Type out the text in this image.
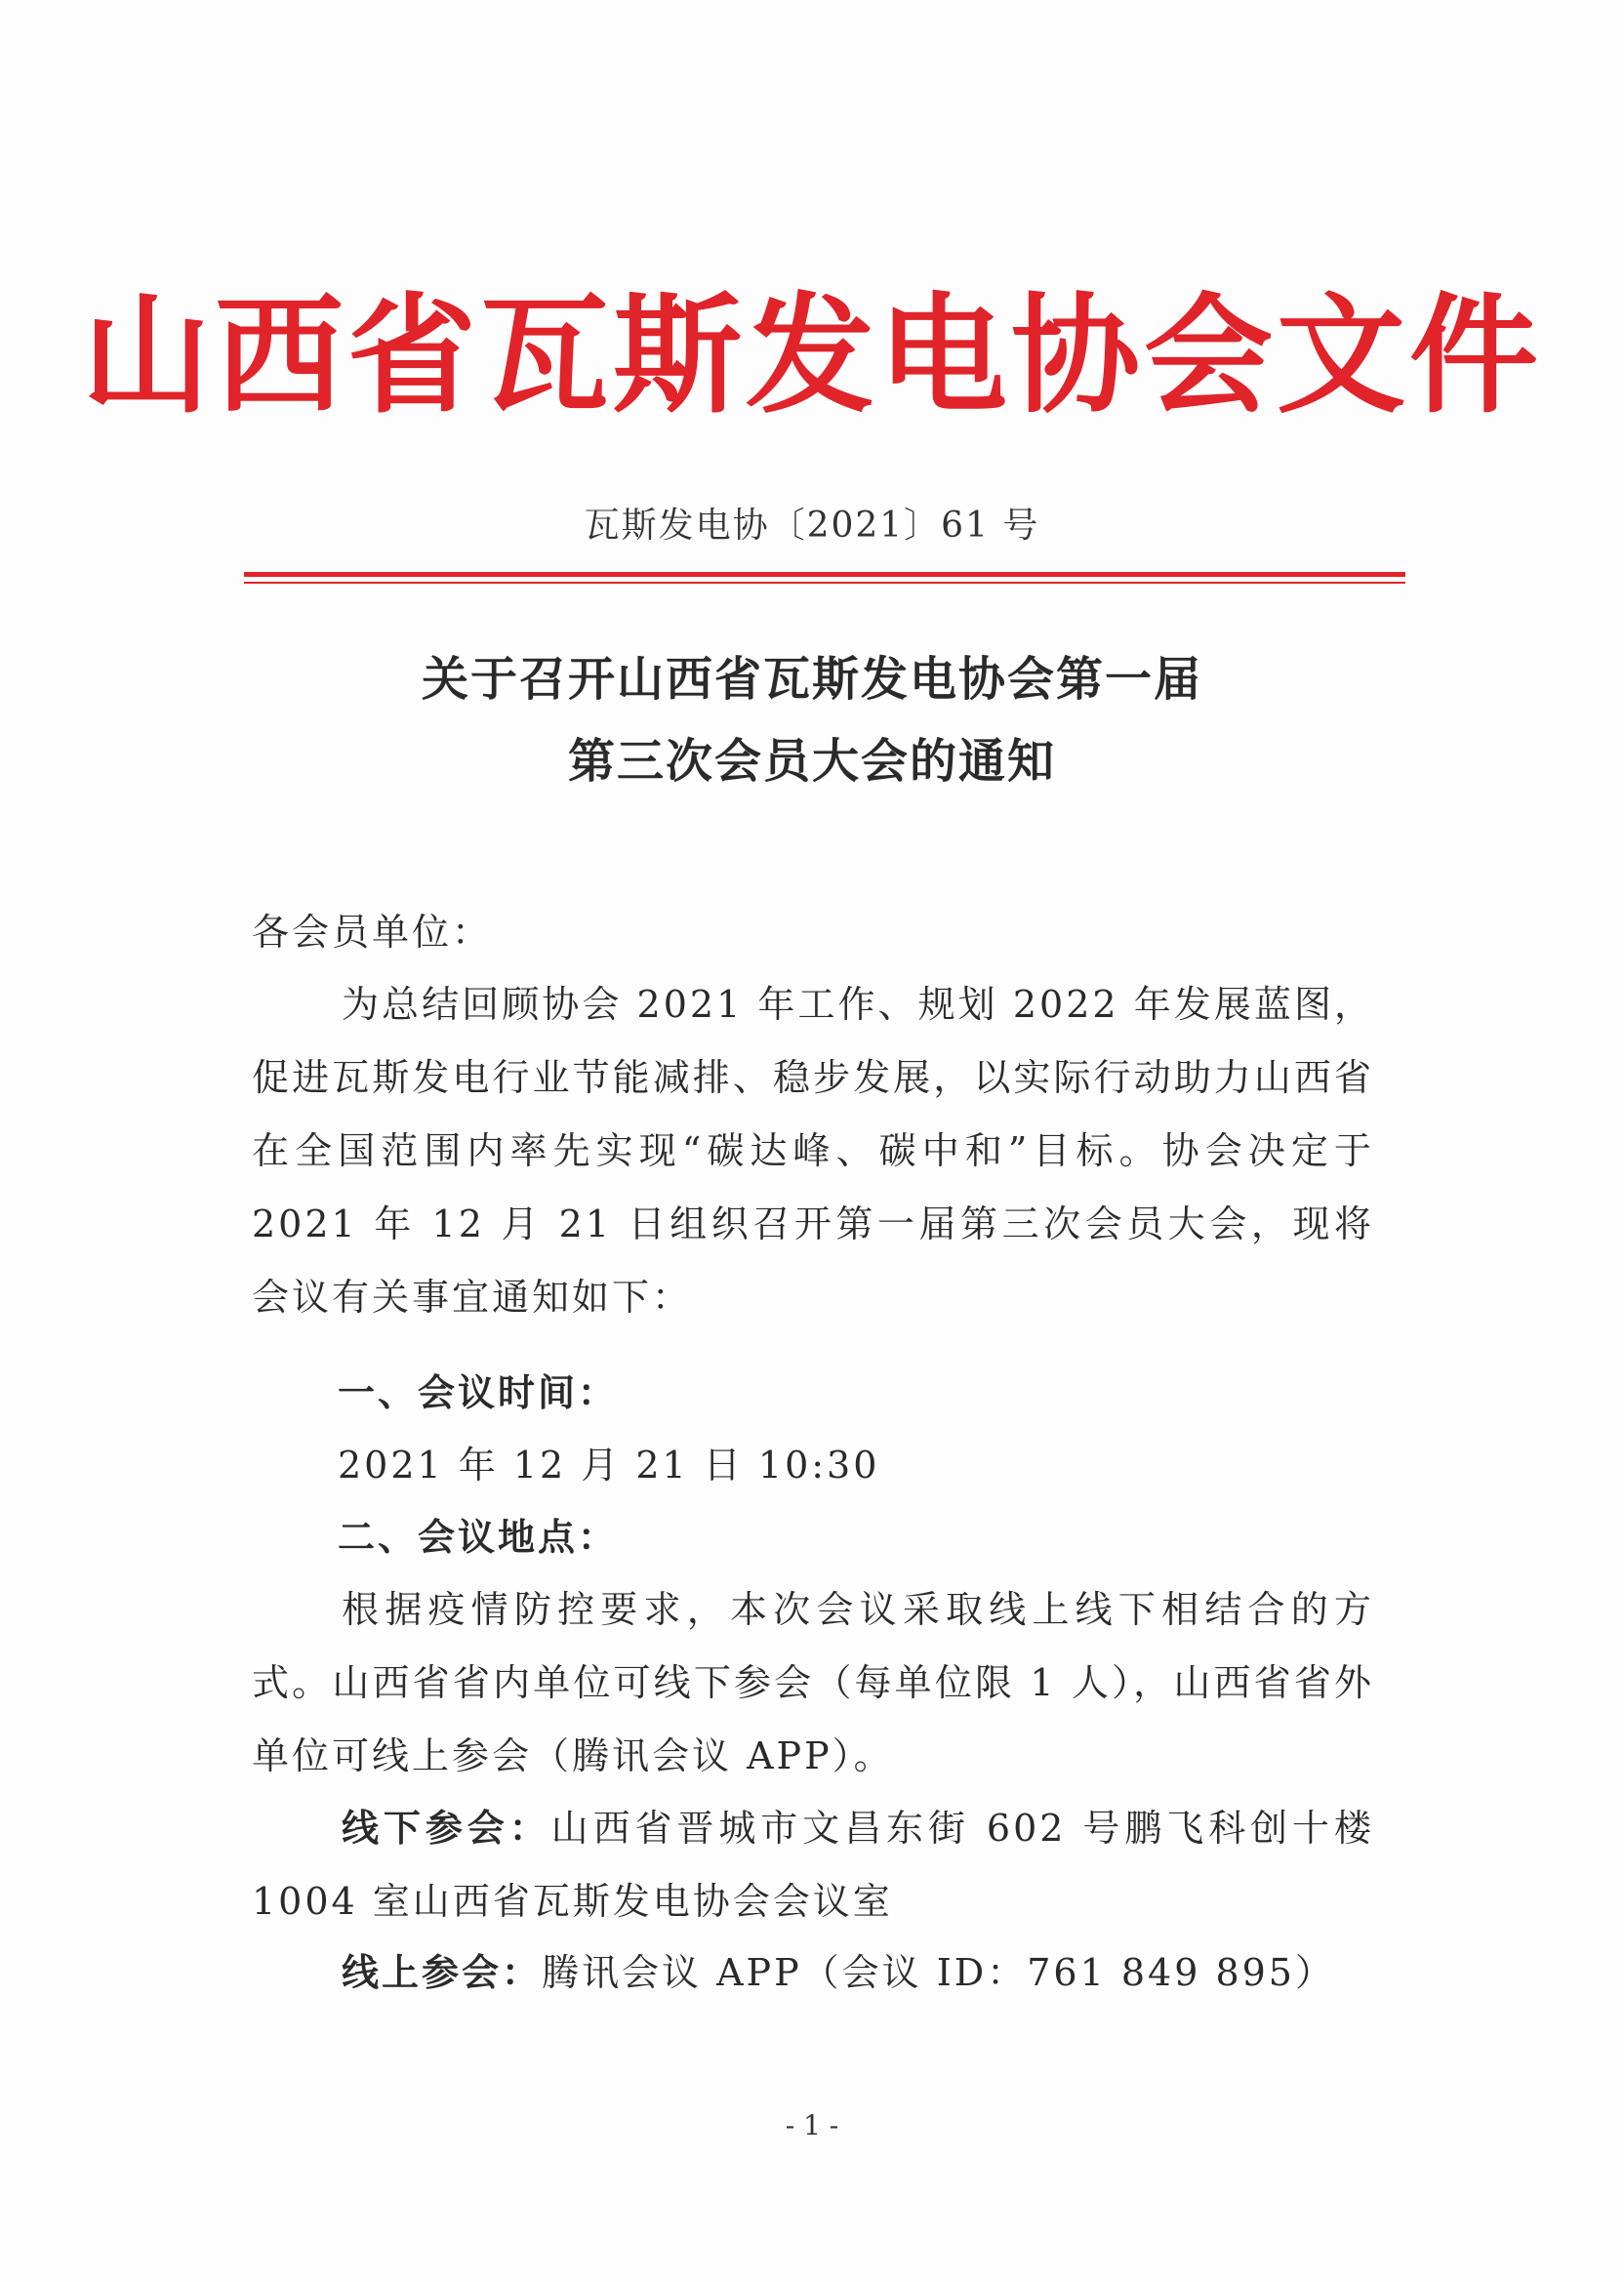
山西省瓦斯发电协会文件
瓦斯发电协〔2021〕61 号
关于召开山西省瓦斯发电协会第一届
第三次会员大会的通知
各会员单位：
为总结回顾协会 2021 年工作、规划 2022 年发展蓝图，促进瓦斯发电行业节能减排、稳步发展，以实际行动助力山西省在全国范围内率先实现“碳达峰、碳中和”目标。协会决定于 2021 年 12 月 21 日组织召开第一届第三次会员大会，现将会议有关事宜通知如下：
一、会议时间：
2021 年 12 月 21 日 10:30
二、会议地点：
根据疫情防控要求，本次会议采取线上线下相结合的方式。山西省省内单位可线下参会（每单位限 1 人），山西省省外单位可线上参会（腾讯会议 APP）。
线下参会：山西省晋城市文昌东街 602 号鹏飞科创十楼 1004 室山西省瓦斯发电协会会议室
线上参会：腾讯会议 APP（会议 ID：761 849 895）
- 1 -
